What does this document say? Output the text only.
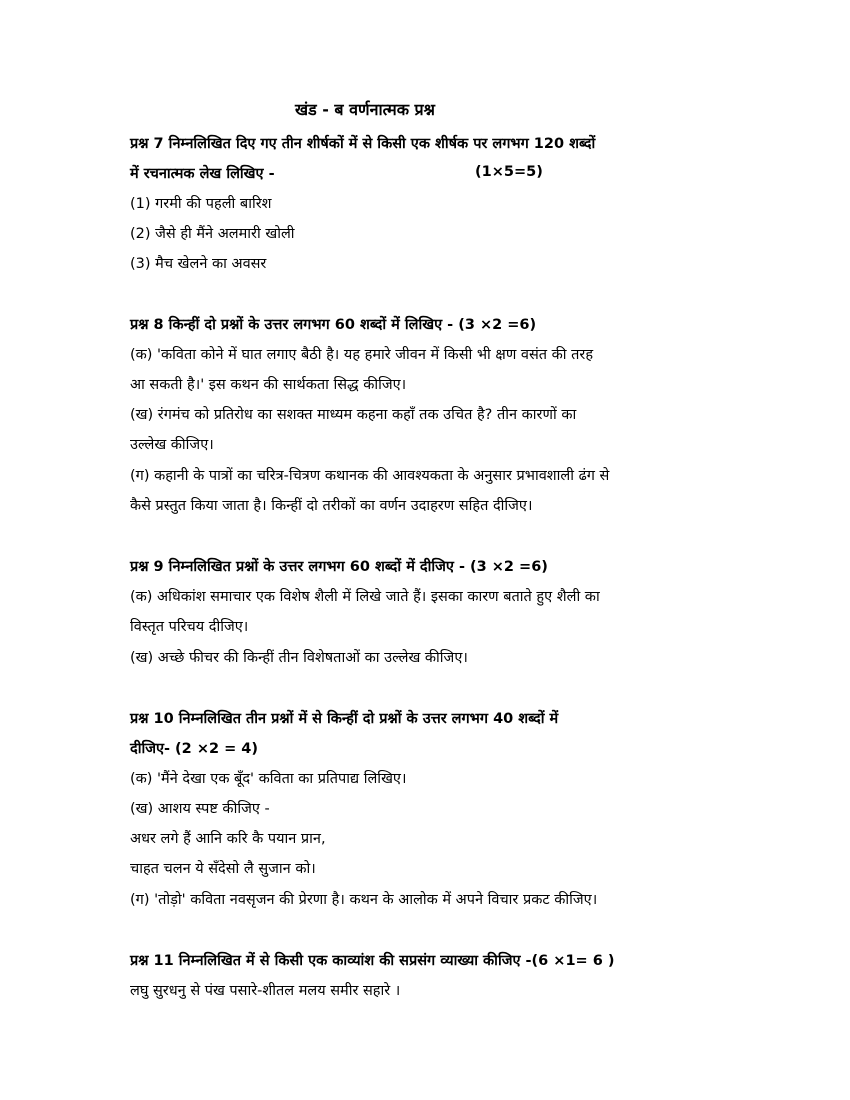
खंड - ब वर्णनात्मक प्रश्न
प्रश्न 7 निम्नलिखित दिए गए तीन शीर्षकों में से किसी एक शीर्षक पर लगभग 120 शब्दों
में रचनात्मक लेख लिखिए -	(1×5=5)
(1) गरमी की पहली बारिश
(2) जैसे ही मैंने अलमारी खोली
(3) मैच खेलने का अवसर
प्रश्न 8 किन्हीं दो प्रश्नों के उत्तर लगभग 60 शब्दों में लिखिए - (3 ×2 =6)
(क) 'कविता कोने में घात लगाए बैठी है। यह हमारे जीवन में किसी भी क्षण वसंत की तरह
आ सकती है।' इस कथन की सार्थकता सिद्ध कीजिए।
(ख) रंगमंच को प्रतिरोध का सशक्त माध्यम कहना कहाँ तक उचित है? तीन कारणों का
उल्लेख कीजिए।
(ग) कहानी के पात्रों का चरित्र-चित्रण कथानक की आवश्यकता के अनुसार प्रभावशाली ढंग से
कैसे प्रस्तुत किया जाता है। किन्हीं दो तरीकों का वर्णन उदाहरण सहित दीजिए।
प्रश्न 9 निम्नलिखित प्रश्नों के उत्तर लगभग 60 शब्दों में दीजिए - (3 ×2 =6)
(क) अधिकांश समाचार एक विशेष शैली में लिखे जाते हैं। इसका कारण बताते हुए शैली का
विस्तृत परिचय दीजिए।
(ख) अच्छे फीचर की किन्हीं तीन विशेषताओं का उल्लेख कीजिए।
प्रश्न 10 निम्नलिखित तीन प्रश्नों में से किन्हीं दो प्रश्नों के उत्तर लगभग 40 शब्दों में
दीजिए- (2 ×2 = 4)
(क) 'मैंने देखा एक बूँद' कविता का प्रतिपाद्य लिखिए।
(ख) आशय स्पष्ट कीजिए -
अधर लगे हैं आनि करि कै पयान प्रान,
चाहत चलन ये सँदेसो लै सुजान को।
(ग) 'तोड़ो' कविता नवसृजन की प्रेरणा है। कथन के आलोक में अपने विचार प्रकट कीजिए।
प्रश्न 11 निम्नलिखित में से किसी एक काव्यांश की सप्रसंग व्याख्या कीजिए -(6 ×1= 6 )
लघु सुरधनु से पंख पसारे-शीतल मलय समीर सहारे ।
